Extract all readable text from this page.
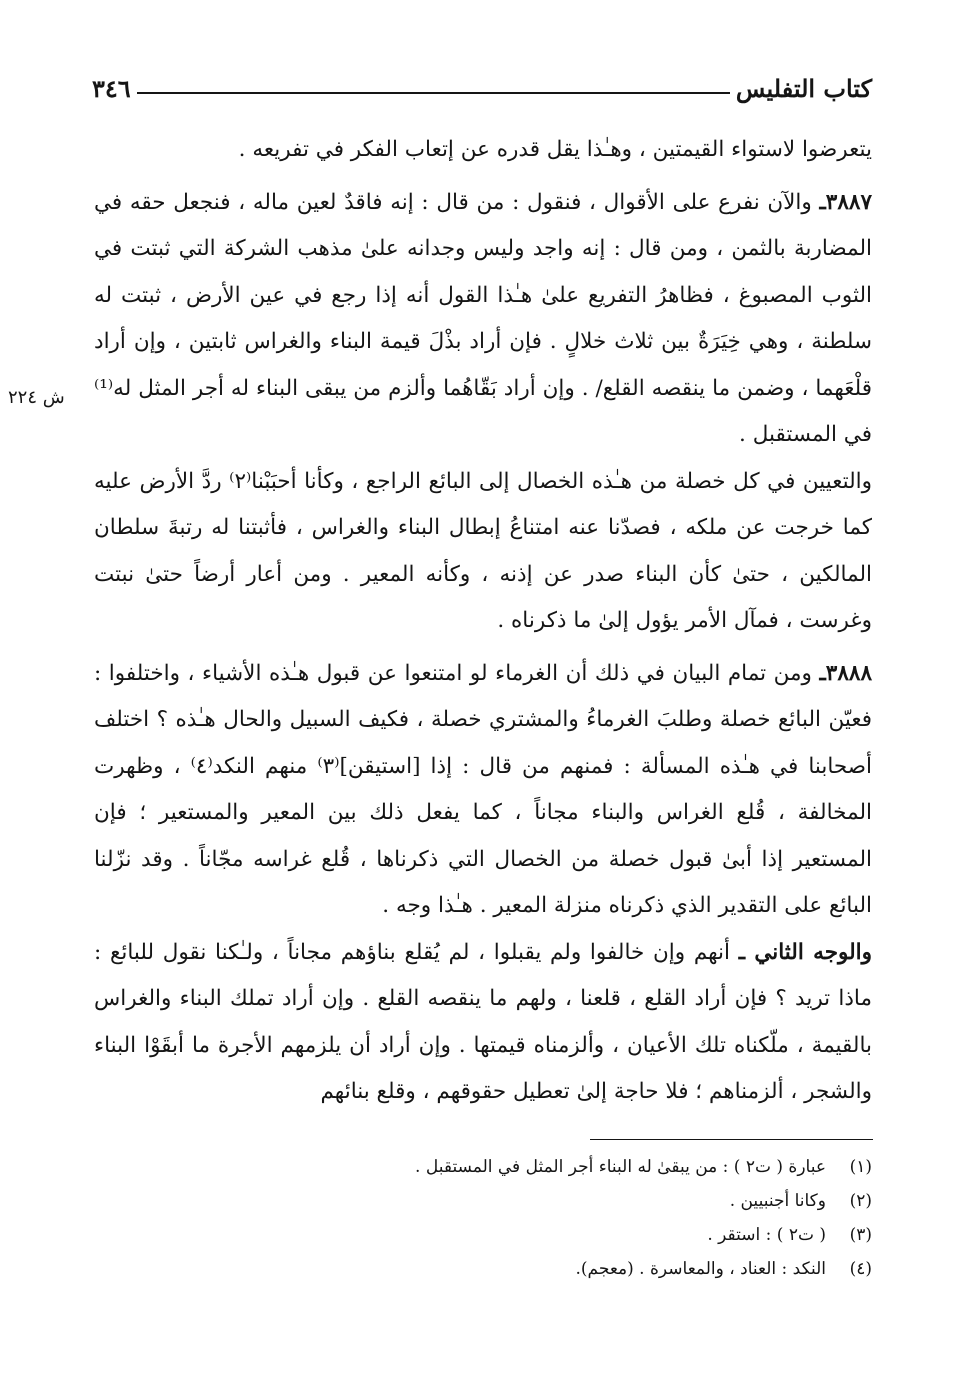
كتاب التفليس
٣٤٦
ش ٢٢٤

يتعرضوا لاستواء القيمتين ، وهـٰذا يقل قدره عن إتعاب الفكر في تفريعه .

٣٨٨٧ـ والآن نفرع على الأقوال ، فنقول : من قال : إنه فاقدٌ لعين ماله ، فنجعل حقه في المضاربة بالثمن ، ومن قال : إنه واجد وليس وجدانه علىٰ مذهب الشركة التي ثبتت في الثوب المصبوغ ، فظاهرُ التفريع علىٰ هـٰذا القول أنه إذا رجع في عين الأرض ، ثبتت له سلطنة ، وهي خِيَرَةٌ بين ثلاث خلالٍ . فإن أراد بذْلَ قيمة البناء والغراس ثابتين ، وإن أراد قلْعَهما ، وضمن ما ينقصه القلع/ . وإن أراد بَقّاهُما وألزم من يبقى البناء له أجر المثل له⁽¹⁾ في المستقبل .

والتعيين في كل خصلة من هـٰذه الخصال إلى البائع الراجع ، وكأنا أحبَبْنا⁽٢⁾ ردَّ الأرض عليه كما خرجت عن ملكه ، فصدّنا عنه امتناعُ إبطال البناء والغراس ، فأثبتنا له رتبةَ سلطان المالكين ، حتىٰ كأن البناء صدر عن إذنه ، وكأنه المعير . ومن أعار أرضاً حتىٰ نبتت وغرست ، فمآل الأمر يؤول إلىٰ ما ذكرناه .

٣٨٨٨ـ ومن تمام البيان في ذلك أن الغرماء لو امتنعوا عن قبول هـٰذه الأشياء ، واختلفوا : فعيّن البائع خصلة وطلبَ الغرماءُ والمشتري خصلة ، فكيف السبيل والحال هـٰذه ؟ اختلف أصحابنا في هـٰذه المسألة : فمنهم من قال : إذا [استيقن]⁽٣⁾ منهم النكد⁽٤⁾ ، وظهرت المخالفة ، قُلع الغراس والبناء مجاناً ، كما يفعل ذلك بين المعير والمستعير ؛ فإن المستعير إذا أبىٰ قبول خصلة من الخصال التي ذكرناها ، قُلع غراسه مجّاناً . وقد نزّلنا البائع على التقدير الذي ذكرناه منزلة المعير . هـٰذا وجه .

والوجه الثاني ـ أنهم وإن خالفوا ولم يقبلوا ، لم يُقلع بناؤهم مجاناً ، ولـٰكنا نقول للبائع : ماذا تريد ؟ فإن أراد القلع ، قلعنا ، ولهم ما ينقصه القلع . وإن أراد تملك البناء والغراس بالقيمة ، ملّكناه تلك الأعيان ، وألزمناه قيمتها . وإن أراد أن يلزمهم الأجرة ما أبقَوْا البناء والشجر ، ألزمناهم ؛ فلا حاجة إلىٰ تعطيل حقوقهم ، وقلع بنائهم

(١)
عبارة ( ت٢ ) : من يبقىٰ له البناء أجر المثل في المستقبل .
(٢)
وكانا أجنبيين .
(٣)
( ت٢ ) : استقر .
(٤)
النكد : العناد ، والمعاسرة . (معجم).
